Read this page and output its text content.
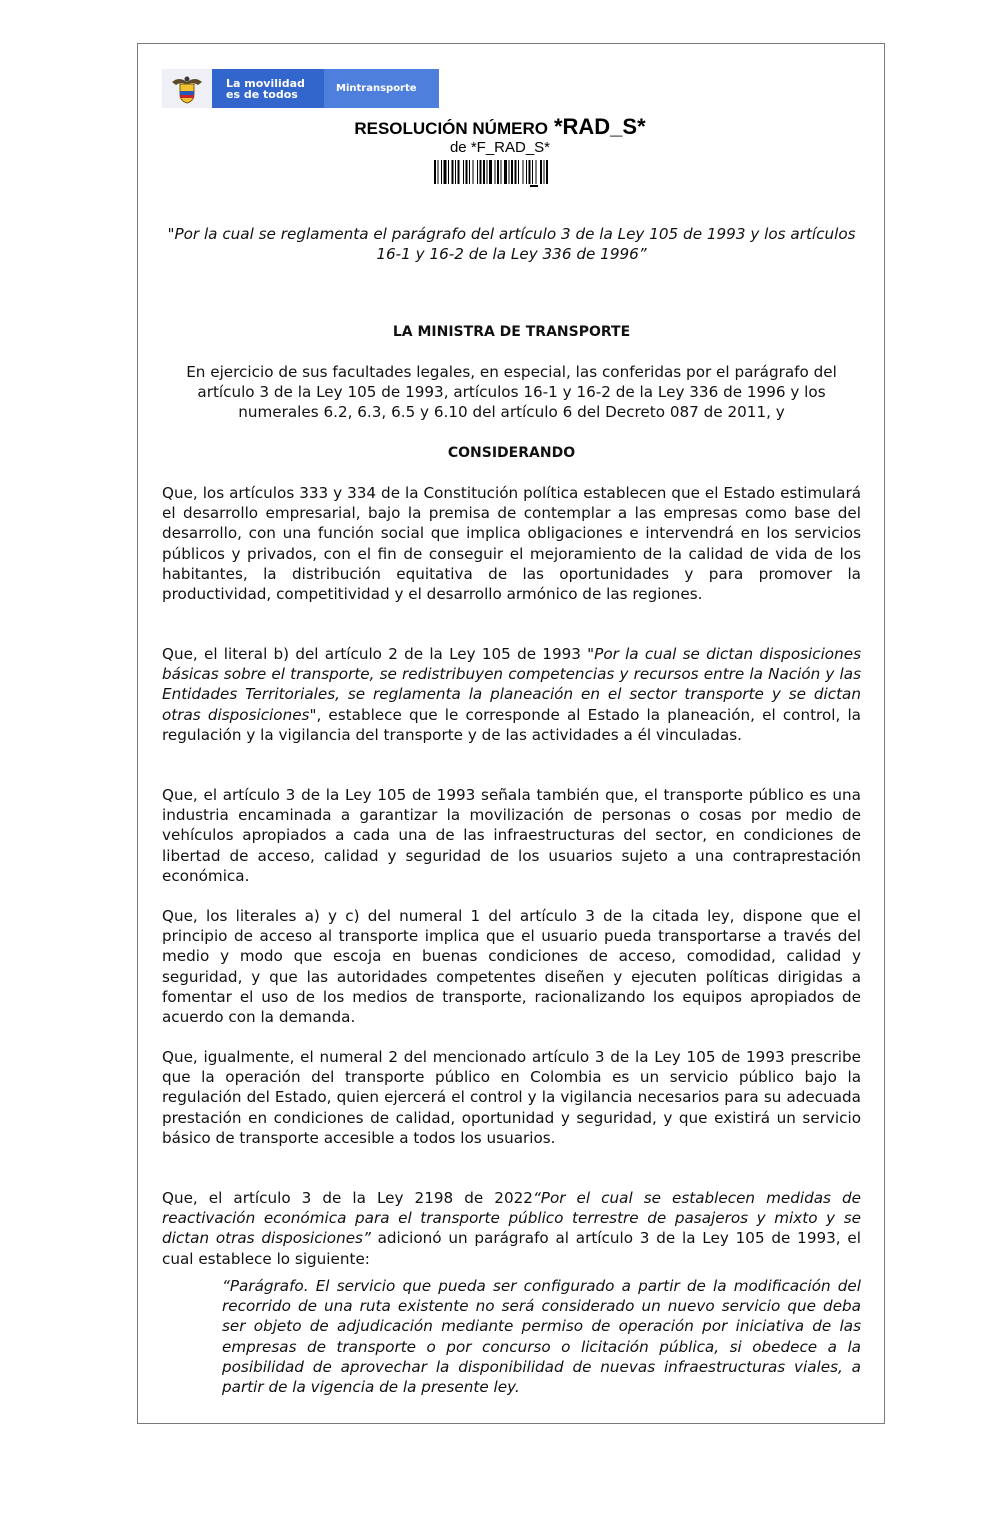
La movilidad
es de todos	Mintransporte
RESOLUCIÓN NÚMERO *RAD_S*
de *F_RAD_S*

"Por la cual se reglamenta el parágrafo del artículo 3 de la Ley 105 de 1993 y los artículos 16-1 y 16-2 de la Ley 336 de 1996”

LA MINISTRA DE TRANSPORTE

En ejercicio de sus facultades legales, en especial, las conferidas por el parágrafo del artículo 3 de la Ley 105 de 1993, artículos 16-1 y 16-2 de la Ley 336 de 1996 y los numerales 6.2, 6.3, 6.5 y 6.10 del artículo 6 del Decreto 087 de 2011, y

CONSIDERANDO

Que, los artículos 333 y 334 de la Constitución política establecen que el Estado estimulará el desarrollo empresarial, bajo la premisa de contemplar a las empresas como base del desarrollo, con una función social que implica obligaciones e intervendrá en los servicios públicos y privados, con el fin de conseguir el mejoramiento de la calidad de vida de los habitantes, la distribución equitativa de las oportunidades y para promover la productividad, competitividad y el desarrollo armónico de las regiones.

Que, el literal b) del artículo 2 de la Ley 105 de 1993 "Por la cual se dictan disposiciones básicas sobre el transporte, se redistribuyen competencias y recursos entre la Nación y las Entidades Territoriales, se reglamenta la planeación en el sector transporte y se dictan otras disposiciones", establece que le corresponde al Estado la planeación, el control, la regulación y la vigilancia del transporte y de las actividades a él vinculadas.

Que, el artículo 3 de la Ley 105 de 1993 señala también que, el transporte público es una industria encaminada a garantizar la movilización de personas o cosas por medio de vehículos apropiados a cada una de las infraestructuras del sector, en condiciones de libertad de acceso, calidad y seguridad de los usuarios sujeto a una contraprestación económica.

Que, los literales a) y c) del numeral 1 del artículo 3 de la citada ley, dispone que el principio de acceso al transporte implica que el usuario pueda transportarse a través del medio y modo que escoja en buenas condiciones de acceso, comodidad, calidad y seguridad, y que las autoridades competentes diseñen y ejecuten políticas dirigidas a fomentar el uso de los medios de transporte, racionalizando los equipos apropiados de acuerdo con la demanda.

Que, igualmente, el numeral 2 del mencionado artículo 3 de la Ley 105 de 1993 prescribe que la operación del transporte público en Colombia es un servicio público bajo la regulación del Estado, quien ejercerá el control y la vigilancia necesarios para su adecuada prestación en condiciones de calidad, oportunidad y seguridad, y que existirá un servicio básico de transporte accesible a todos los usuarios.

Que, el artículo 3 de la Ley 2198 de 2022“Por el cual se establecen medidas de reactivación económica para el transporte público terrestre de pasajeros y mixto y se dictan otras disposiciones” adicionó un parágrafo al artículo 3 de la Ley 105 de 1993, el cual establece lo siguiente:

“Parágrafo. El servicio que pueda ser configurado a partir de la modificación del recorrido de una ruta existente no será considerado un nuevo servicio que deba ser objeto de adjudicación mediante permiso de operación por iniciativa de las empresas de transporte o por concurso o licitación pública, si obedece a la posibilidad de aprovechar la disponibilidad de nuevas infraestructuras viales, a partir de la vigencia de la presente ley.
